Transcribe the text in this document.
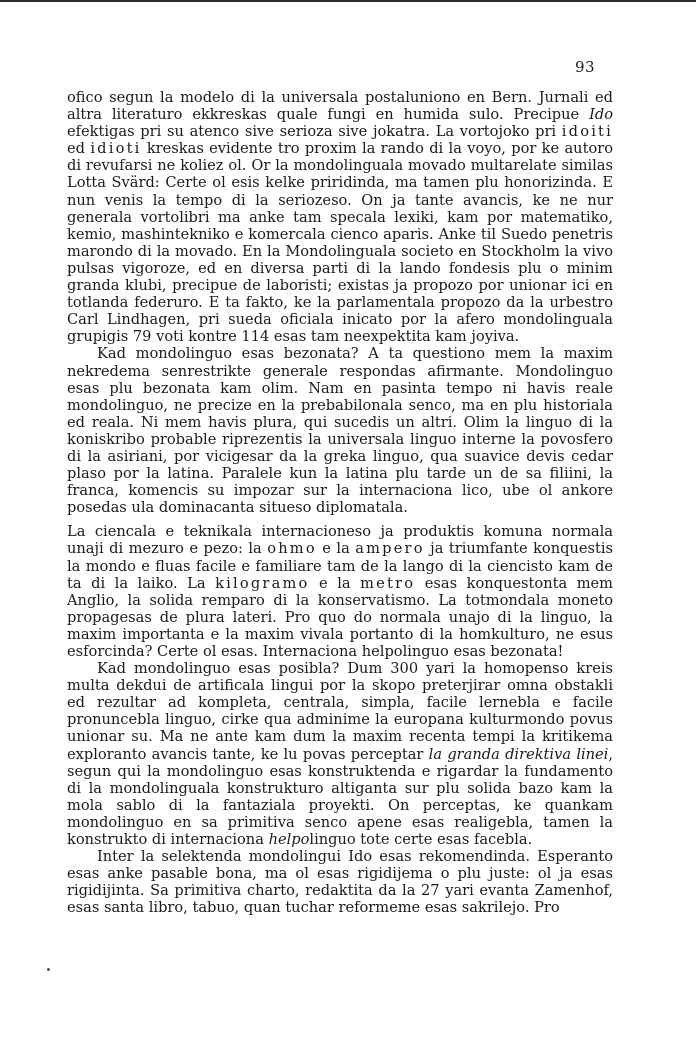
93

ofico segun la modelo di la universala postaluniono en Bern. Jurnali ed altra literaturo ekkreskas quale fungi en humida sulo. Precipue Ido efektigas pri su atenco sive serioza sive jokatra. La vortojoko pri idoiti ed idioti kreskas evidente tro proxim la rando di la voyo, por ke autoro di revufarsi ne koliez ol. Or la mondolinguala movado multarelate similas Lotta Svärd: Certe ol esis kelke priridinda, ma tamen plu honorizinda. E nun venis la tempo di la seriozeso. On ja tante avancis, ke ne nur generala vortolibri ma anke tam specala lexiki, kam por matematiko, kemio, mashinteknikо e komercala cienco aparis. Anke til Suedo penetris marondo di la movado. En la Mondolinguala societo en Stockholm la vivo pulsas vigoroze, ed en diversa parti di la lando fondesis plu o minim granda klubi, precipue de laboristi; existas ja propozo por unionar ici en totlanda federuro. E ta fakto, ke la parlamentala propozo da la urbestro Carl Lindhagen, pri sueda oficiala inicato por la afero mondolinguala grupigis 79 voti kontre 114 esas tam neexpektita kam joyiva.

Kad mondolinguo esas bezonata? A ta questiono mem la maxim nekredema senrestrikte generale respondas afirmante. Mondolinguo esas plu bezonata kam olim. Nam en pasinta tempo ni havis reale mondolinguo, ne precize en la prebabilonala senco, ma en plu historiala ed reala. Ni mem havis plura, qui sucedis un altri. Olim la linguo di la koniskribo probable riprezentis la universala linguo interne la povosfero di la asiriani, por vicigesar da la greka linguo, qua suavice devis cedar plaso por la latina. Paralele kun la latina plu tarde un de sa filiini, la franca, komencis su impozar sur la internaciona lico, ube ol ankore posedas ula dominacanta situeso diplomatala.

La ciencala e teknikala internacioneso ja produktis komuna normala unaji di mezuro e pezo: la ohmo e la ampero ja triumfante konquestis la mondo e fluas facile e familiare tam de la lango di la ciencisto kam de ta di la laiko. La kilogramo e la metro esas konquestonta mem Anglio, la solida remparo di la konservatismo. La totmondala moneto propagesas de plura lateri. Pro quo do normala unajo di la linguo, la maxim importanta e la maxim vivala portanto di la homkulturo, ne esus esforcinda? Certe ol esas. Internaciona helpolinguo esas bezonata!

Kad mondolinguo esas posibla? Dum 300 yari la homopenso kreis multa dekdui de artificala lingui por la skopo preterjirar omna obstakli ed rezultar ad kompleta, centrala, simpla, facile lernebla e facile pronuncebla linguo, cirke qua adminime la europana kulturmondo povus unionar su. Ma ne ante kam dum la maxim recenta tempi la kritikema exploranto avancis tante, ke lu povas perceptar la granda direktiva linei, segun qui la mondolinguo esas konstruktenda e rigardar la fundamento di la mondolinguala konstrukturo altiganta sur plu solida bazo kam la mola sablo di la fantaziala proyekti. On perceptas, ke quankam mondolinguo en sa primitiva senco apene esas realigebla, tamen la konstrukto di internaciona helpolinguo tote certe esas facebla.

Inter la selektenda mondolingui Ido esas rekomendinda. Esperanto esas anke pasable bona, ma ol esas rigidijema o plu juste: ol ja esas rigidijinta. Sa primitiva charto, redaktita da la 27 yari evanta Zamenhof, esas santa libro, tabuo, quan tuchar reformeme esas sakrilejo. Pro
